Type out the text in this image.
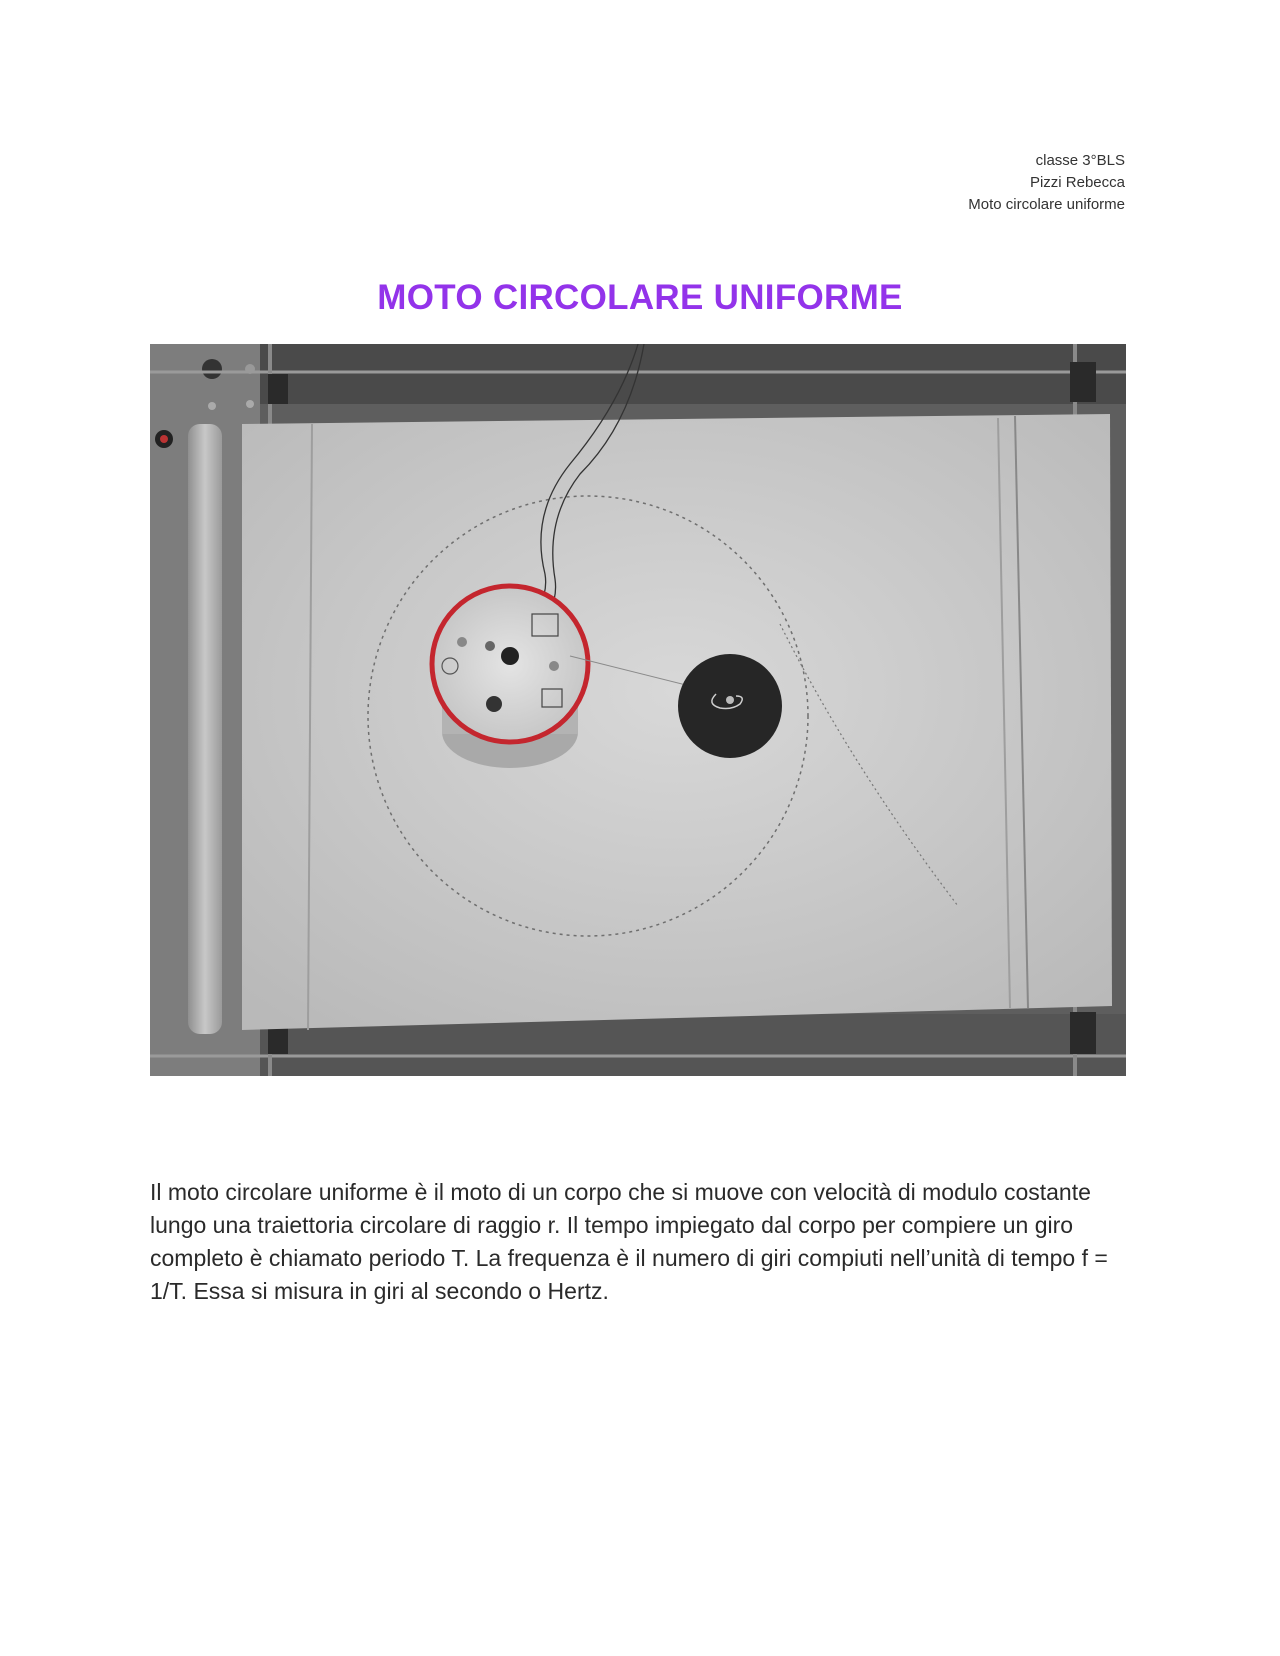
classe 3°BLS
Pizzi Rebecca
Moto circolare uniforme
MOTO CIRCOLARE UNIFORME
Il moto circolare uniforme è il moto di un corpo che si muove con velocità di modulo costante lungo una traiettoria circolare di raggio r. Il tempo impiegato dal corpo per compiere un giro completo è chiamato periodo T. La frequenza è il numero di giri compiuti nell’unità di tempo f = 1/T. Essa si misura in giri al secondo o Hertz.
